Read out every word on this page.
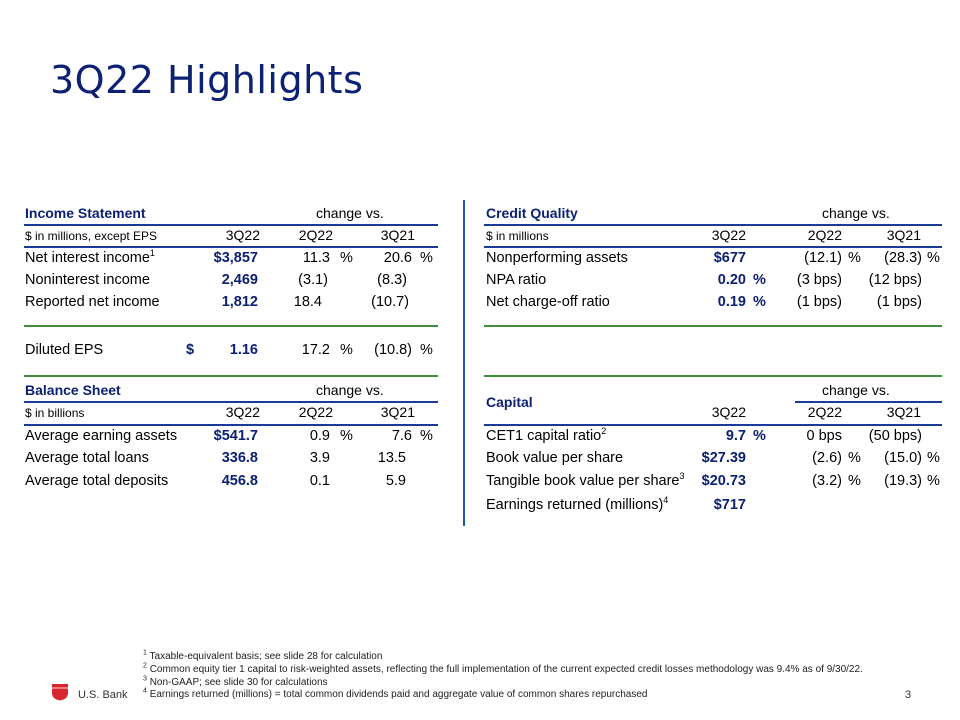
3Q22 Highlights
Income Statement	change vs.
$ in millions, except EPS	3Q22	2Q22	3Q21
Net interest income$^1$	$3,857	11.3 %	20.6 %
Noninterest income	2,469	(3.1)	(8.3)
Reported net income	1,812	18.4	(10.7)
Diluted EPS	$	1.16	17.2 %	(10.8) %
Balance Sheet	change vs.
$ in billions	3Q22	2Q22	3Q21
Average earning assets	$541.7	0.9 %	7.6 %
Average total loans	336.8	3.9	13.5
Average total deposits	456.8	0.1	5.9
Credit Quality	change vs.
$ in millions	3Q22	2Q22	3Q21
Nonperforming assets	$677	(12.1) %	(28.3) %
NPA ratio	0.20 %	(3 bps)	(12 bps)
Net charge-off ratio	0.19 %	(1 bps)	(1 bps)
change vs.
Capital
3Q22	2Q22	3Q21
CET1 capital ratio$^2$	9.7 %	0 bps	(50 bps)
Book value per share	$27.39	(2.6) %	(15.0) %
Tangible book value per share$^3$	$20.73	(3.2) %	(19.3) %
Earnings returned (millions)$^4$	$717
$^1$ Taxable-equivalent basis; see slide 28 for calculation
$^2$ Common equity tier 1 capital to risk-weighted assets, reflecting the full implementation of the current expected credit losses methodology was 9.4% as of 9/30/22.
$^3$ Non-GAAP; see slide 30 for calculations
$^4$ Earnings returned (millions) = total common dividends paid and aggregate value of common shares repurchased
U.S. Bank	3
